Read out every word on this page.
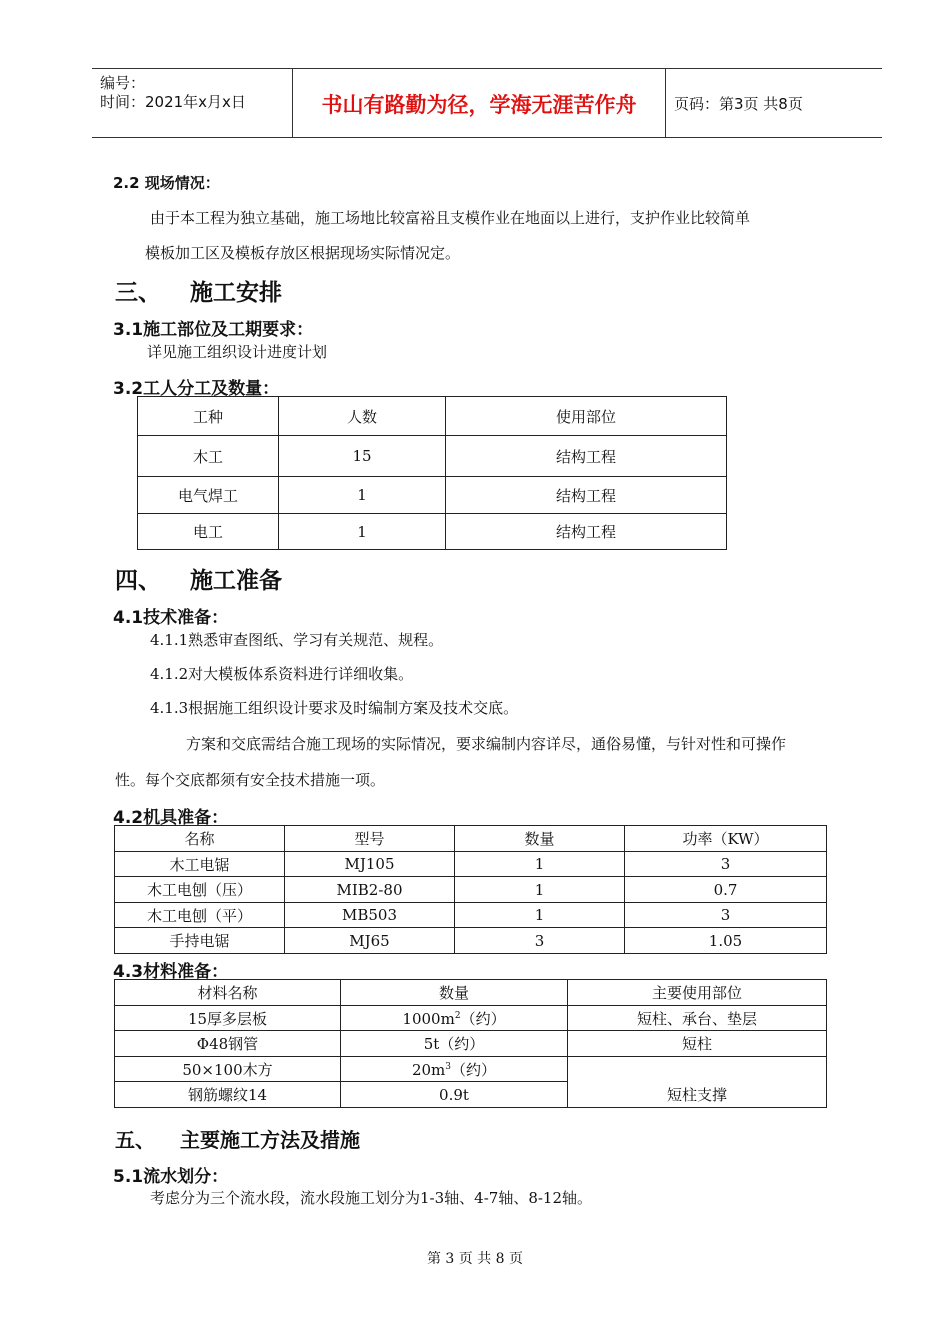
编号：
时间：2021年x月x日	书山有路勤为径，学海无涯苦作舟	页码：第3页 共8页
2.2 现场情况：
由于本工程为独立基础，施工场地比较富裕且支模作业在地面以上进行，支护作业比较简单
模板加工区及模板存放区根据现场实际情况定。
三、 施工安排
3.1施工部位及工期要求：
详见施工组织设计进度计划
3.2工人分工及数量：
工种	人数	使用部位
木工	15	结构工程
电气焊工	1	结构工程
电工	1	结构工程
四、 施工准备
4.1技术准备：
4.1.1熟悉审查图纸、学习有关规范、规程。
4.1.2对大模板体系资料进行详细收集。
4.1.3根据施工组织设计要求及时编制方案及技术交底。
方案和交底需结合施工现场的实际情况，要求编制内容详尽，通俗易懂，与针对性和可操作
性。每个交底都须有安全技术措施一项。
4.2机具准备：
名称	型号	数量	功率（KW）
木工电锯	MJ105	1	3
木工电刨（压）	MIB2-80	1	0.7
木工电刨（平）	MB503	1	3
手持电锯	MJ65	3	1.05
4.3材料准备：
材料名称	数量	主要使用部位
15厚多层板	$1000m^2$（约）	短柱、承台、垫层
Φ48钢管	5t（约）	短柱
50×100木方	$20m^3$（约）	短柱支撑
钢筋螺纹14	0.9t	
五、 主要施工方法及措施
5.1流水划分：
考虑分为三个流水段，流水段施工划分为1-3轴、4-7轴、8-12轴。
第 3 页 共 8 页
